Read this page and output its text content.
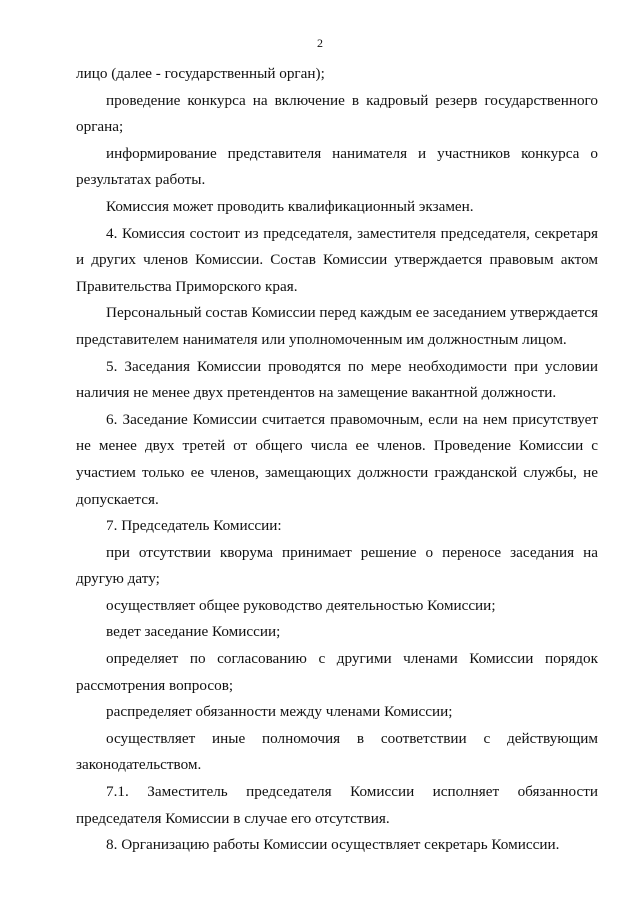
2

лицо (далее - государственный орган);

проведение конкурса на включение в кадровый резерв государственного органа;

информирование представителя нанимателя и участников конкурса о результатах работы.

Комиссия может проводить квалификационный экзамен.

4. Комиссия состоит из председателя, заместителя председателя, секретаря и других членов Комиссии. Состав Комиссии утверждается правовым актом Правительства Приморского края.

Персональный состав Комиссии перед каждым ее заседанием утверждается представителем нанимателя или уполномоченным им должностным лицом.

5. Заседания Комиссии проводятся по мере необходимости при условии наличия не менее двух претендентов на замещение вакантной должности.

6. Заседание Комиссии считается правомочным, если на нем присутствует не менее двух третей от общего числа ее членов. Проведение Комиссии с участием только ее членов, замещающих должности гражданской службы, не допускается.

7. Председатель Комиссии:

при отсутствии кворума принимает решение о переносе заседания на другую дату;

осуществляет общее руководство деятельностью Комиссии;

ведет заседание Комиссии;

определяет по согласованию с другими членами Комиссии порядок рассмотрения вопросов;

распределяет обязанности между членами Комиссии;

осуществляет иные полномочия в соответствии с действующим законодательством.

7.1. Заместитель председателя Комиссии исполняет обязанности председателя Комиссии в случае его отсутствия.

8. Организацию работы Комиссии осуществляет секретарь Комиссии.
